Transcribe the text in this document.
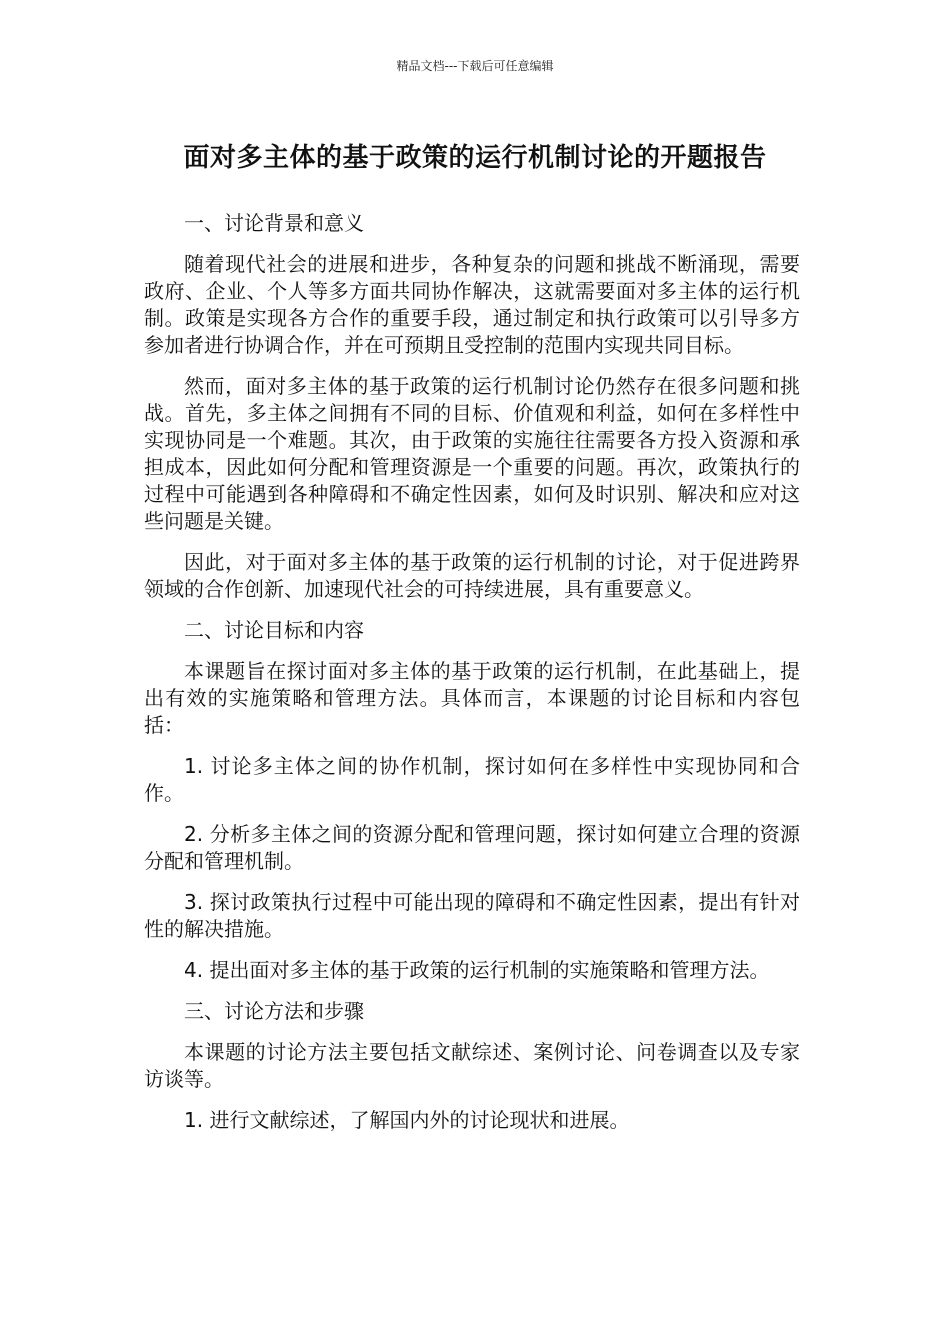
精品文档---下载后可任意编辑
面对多主体的基于政策的运行机制讨论的开题报告

一、讨论背景和意义

随着现代社会的进展和进步，各种复杂的问题和挑战不断涌现，需要政府、企业、个人等多方面共同协作解决，这就需要面对多主体的运行机制。政策是实现各方合作的重要手段，通过制定和执行政策可以引导多方参加者进行协调合作，并在可预期且受控制的范围内实现共同目标。

然而，面对多主体的基于政策的运行机制讨论仍然存在很多问题和挑战。首先，多主体之间拥有不同的目标、价值观和利益，如何在多样性中实现协同是一个难题。其次，由于政策的实施往往需要各方投入资源和承担成本，因此如何分配和管理资源是一个重要的问题。再次，政策执行的过程中可能遇到各种障碍和不确定性因素，如何及时识别、解决和应对这些问题是关键。

因此，对于面对多主体的基于政策的运行机制的讨论，对于促进跨界领域的合作创新、加速现代社会的可持续进展，具有重要意义。

二、讨论目标和内容

本课题旨在探讨面对多主体的基于政策的运行机制，在此基础上，提出有效的实施策略和管理方法。具体而言，本课题的讨论目标和内容包括：

1. 讨论多主体之间的协作机制，探讨如何在多样性中实现协同和合作。

2. 分析多主体之间的资源分配和管理问题，探讨如何建立合理的资源分配和管理机制。

3. 探讨政策执行过程中可能出现的障碍和不确定性因素，提出有针对性的解决措施。

4. 提出面对多主体的基于政策的运行机制的实施策略和管理方法。

三、讨论方法和步骤

本课题的讨论方法主要包括文献综述、案例讨论、问卷调查以及专家访谈等。

1. 进行文献综述，了解国内外的讨论现状和进展。
